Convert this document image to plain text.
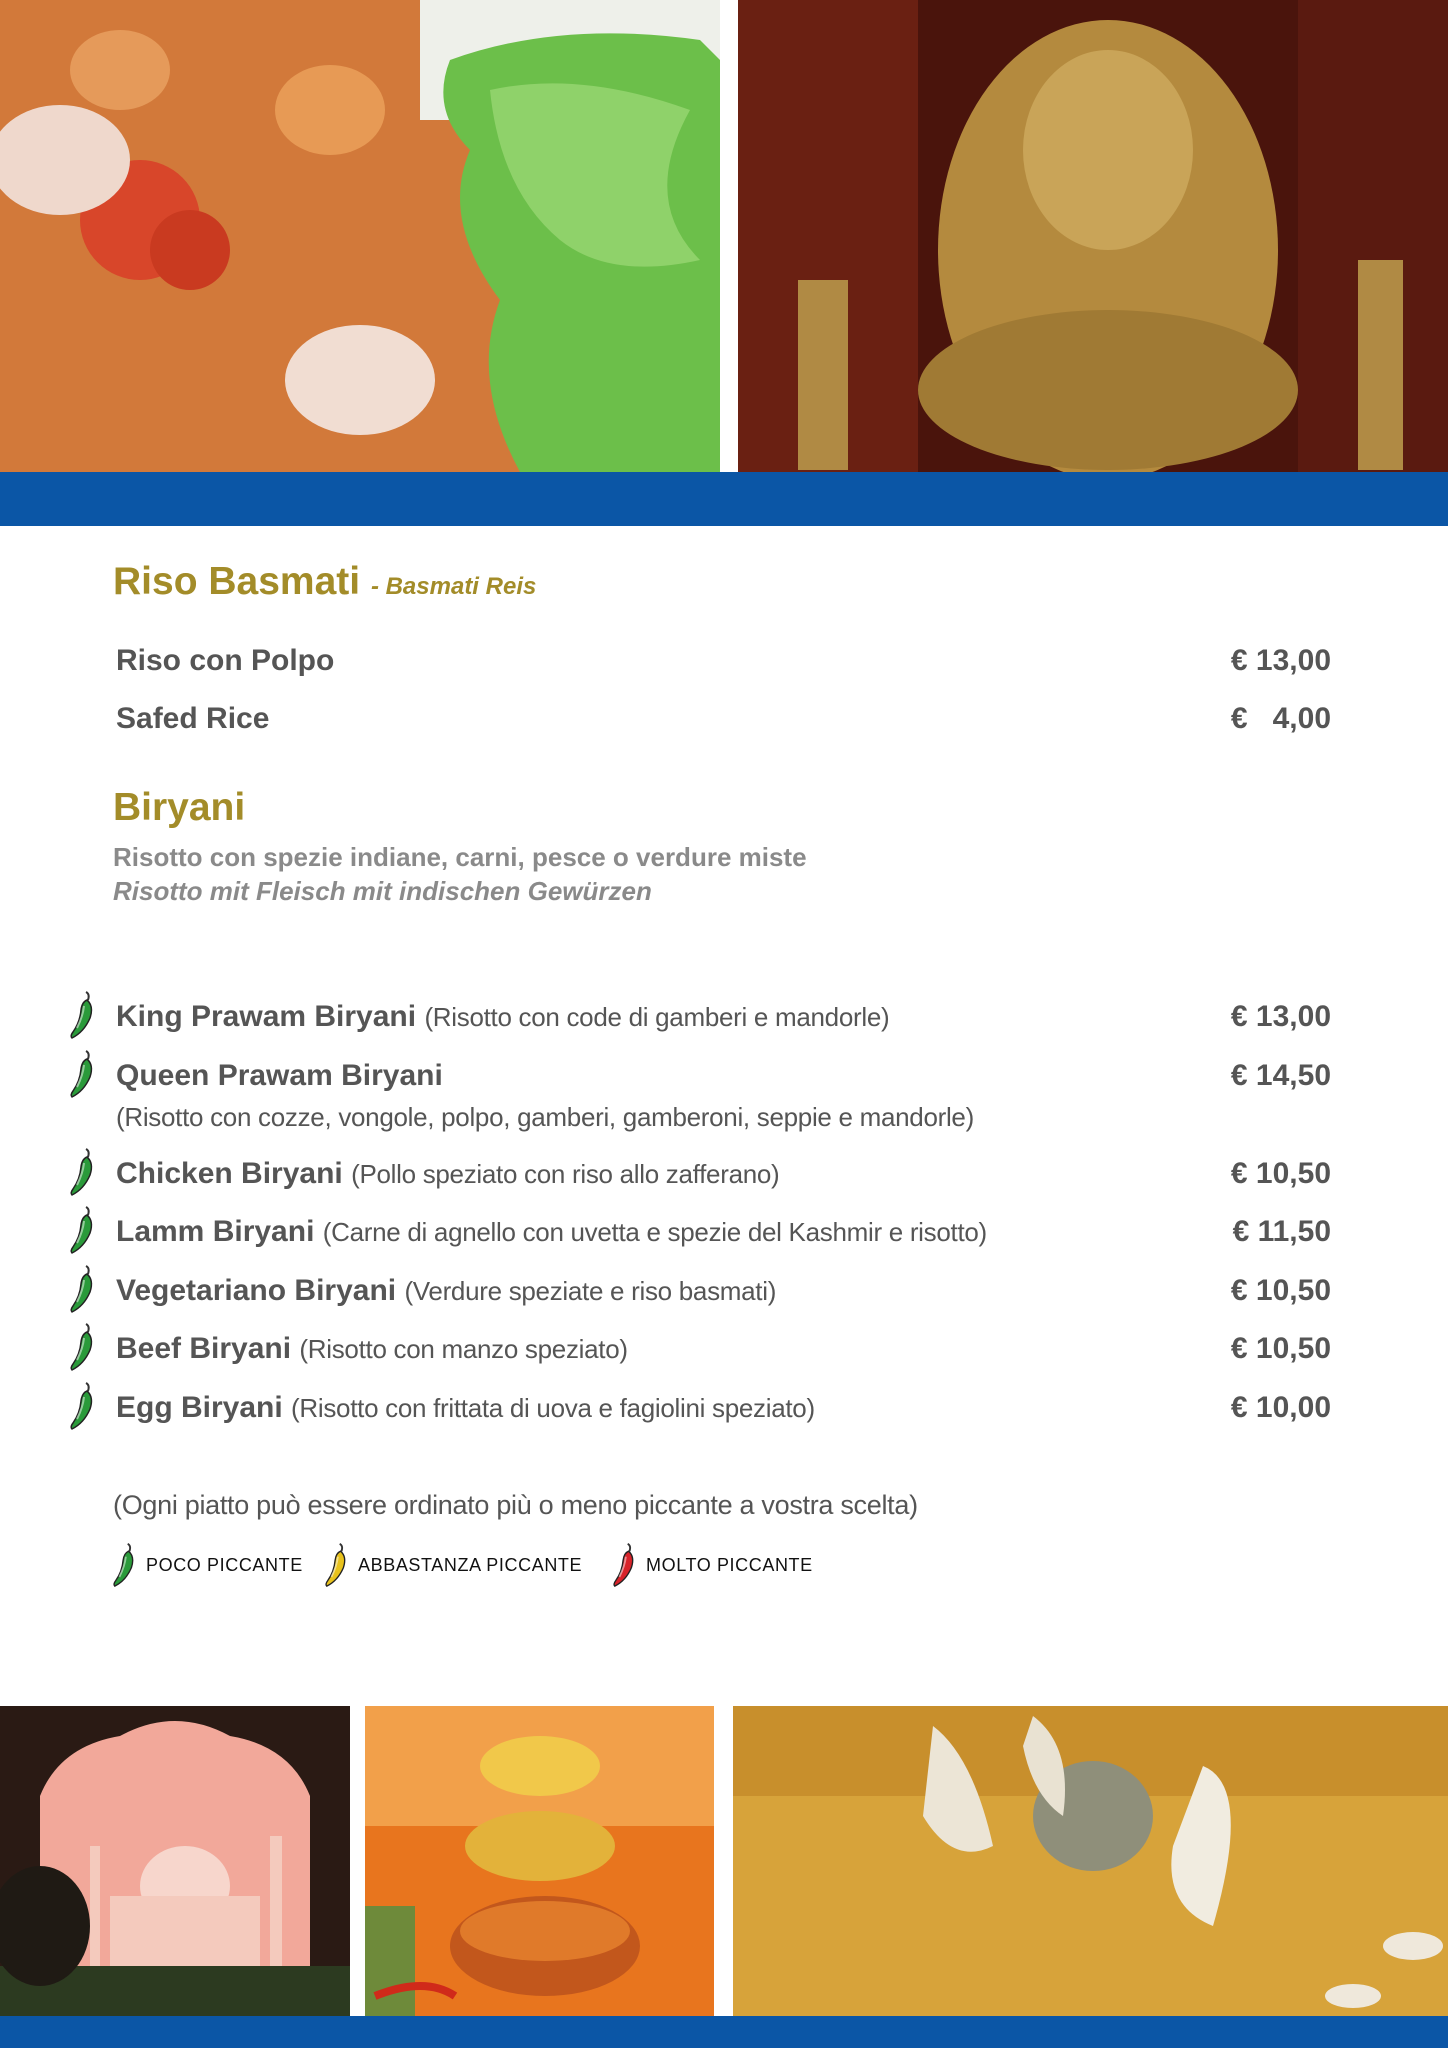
Riso Basmati - Basmati Reis
Riso con Polpo	€ 13,00
Safed Rice	€   4,00
Biryani
Risotto con spezie indiane, carni, pesce o verdure miste
Risotto mit Fleisch mit indischen Gewürzen
King Prawam Biryani (Risotto con code di gamberi e mandorle)	€ 13,00
Queen Prawam Biryani	€ 14,50
(Risotto con cozze, vongole, polpo, gamberi, gamberoni, seppie e mandorle)
Chicken Biryani (Pollo speziato con riso allo zafferano)	€ 10,50
Lamm Biryani (Carne di agnello con uvetta e spezie del Kashmir e risotto)	€ 11,50
Vegetariano Biryani (Verdure speziate e riso basmati)	€ 10,50
Beef Biryani (Risotto con manzo speziato)	€ 10,50
Egg Biryani (Risotto con frittata di uova e fagiolini speziato)	€ 10,00
(Ogni piatto può essere ordinato più o meno piccante a vostra scelta)
POCO PICCANTE	ABBASTANZA PICCANTE	MOLTO PICCANTE
